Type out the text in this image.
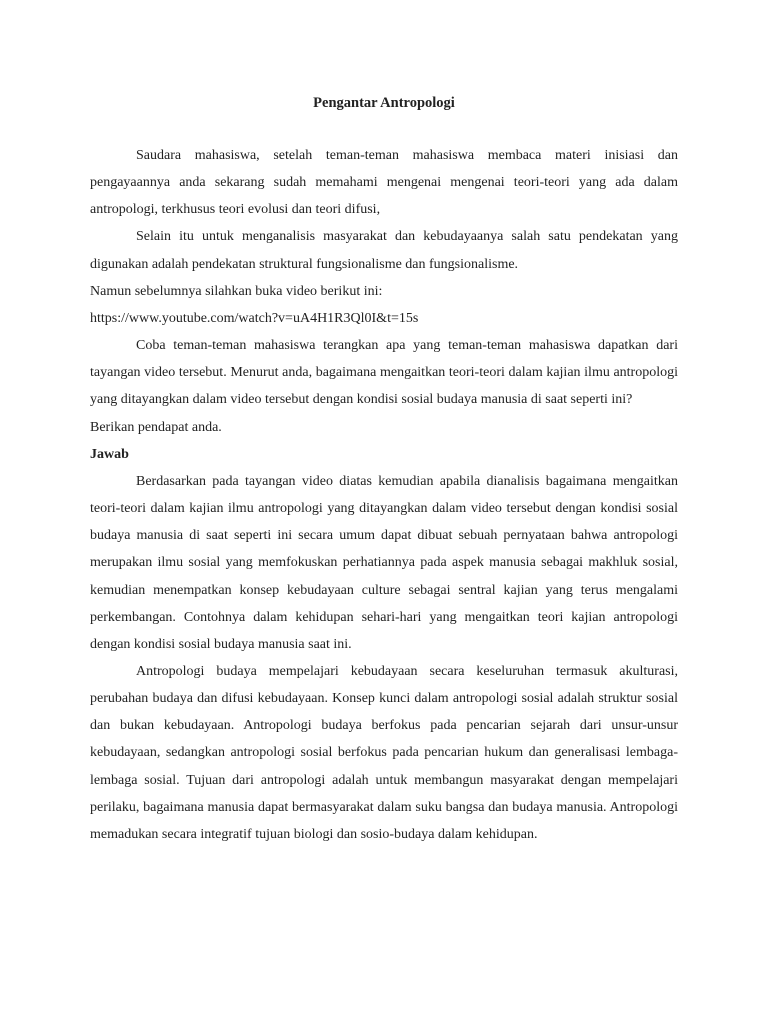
Pengantar Antropologi

Saudara mahasiswa, setelah teman-teman mahasiswa membaca materi inisiasi dan pengayaannya anda sekarang sudah memahami mengenai mengenai teori-teori yang ada dalam antropologi, terkhusus teori evolusi dan teori difusi,

Selain itu untuk menganalisis masyarakat dan kebudayaanya salah satu pendekatan yang digunakan adalah pendekatan struktural fungsionalisme dan fungsionalisme.

Namun sebelumnya silahkan buka video berikut ini:

https://www.youtube.com/watch?v=uA4H1R3Ql0I&t=15s

Coba teman-teman mahasiswa terangkan apa yang teman-teman mahasiswa dapatkan dari tayangan video tersebut. Menurut anda, bagaimana mengaitkan teori-teori dalam kajian ilmu antropologi yang ditayangkan dalam video tersebut dengan kondisi sosial budaya manusia di saat seperti ini?

Berikan pendapat anda.

Jawab

Berdasarkan pada tayangan video diatas kemudian apabila dianalisis bagaimana mengaitkan teori-teori dalam kajian ilmu antropologi yang ditayangkan dalam video tersebut dengan kondisi sosial budaya manusia di saat seperti ini secara umum dapat dibuat sebuah pernyataan bahwa antropologi merupakan ilmu sosial yang memfokuskan perhatiannya pada aspek manusia sebagai makhluk sosial, kemudian menempatkan konsep kebudayaan culture sebagai sentral kajian yang terus mengalami perkembangan. Contohnya dalam kehidupan sehari-hari yang mengaitkan teori kajian antropologi dengan kondisi sosial budaya manusia saat ini.

Antropologi budaya mempelajari kebudayaan secara keseluruhan termasuk akulturasi, perubahan budaya dan difusi kebudayaan. Konsep kunci dalam antropologi sosial adalah struktur sosial dan bukan kebudayaan. Antropologi budaya berfokus pada pencarian sejarah dari unsur-unsur kebudayaan, sedangkan antropologi sosial berfokus pada pencarian hukum dan generalisasi lembaga-lembaga sosial. Tujuan dari antropologi adalah untuk membangun masyarakat dengan mempelajari perilaku, bagaimana manusia dapat bermasyarakat dalam suku bangsa dan budaya manusia. Antropologi memadukan secara integratif tujuan biologi dan sosio-budaya dalam kehidupan.
